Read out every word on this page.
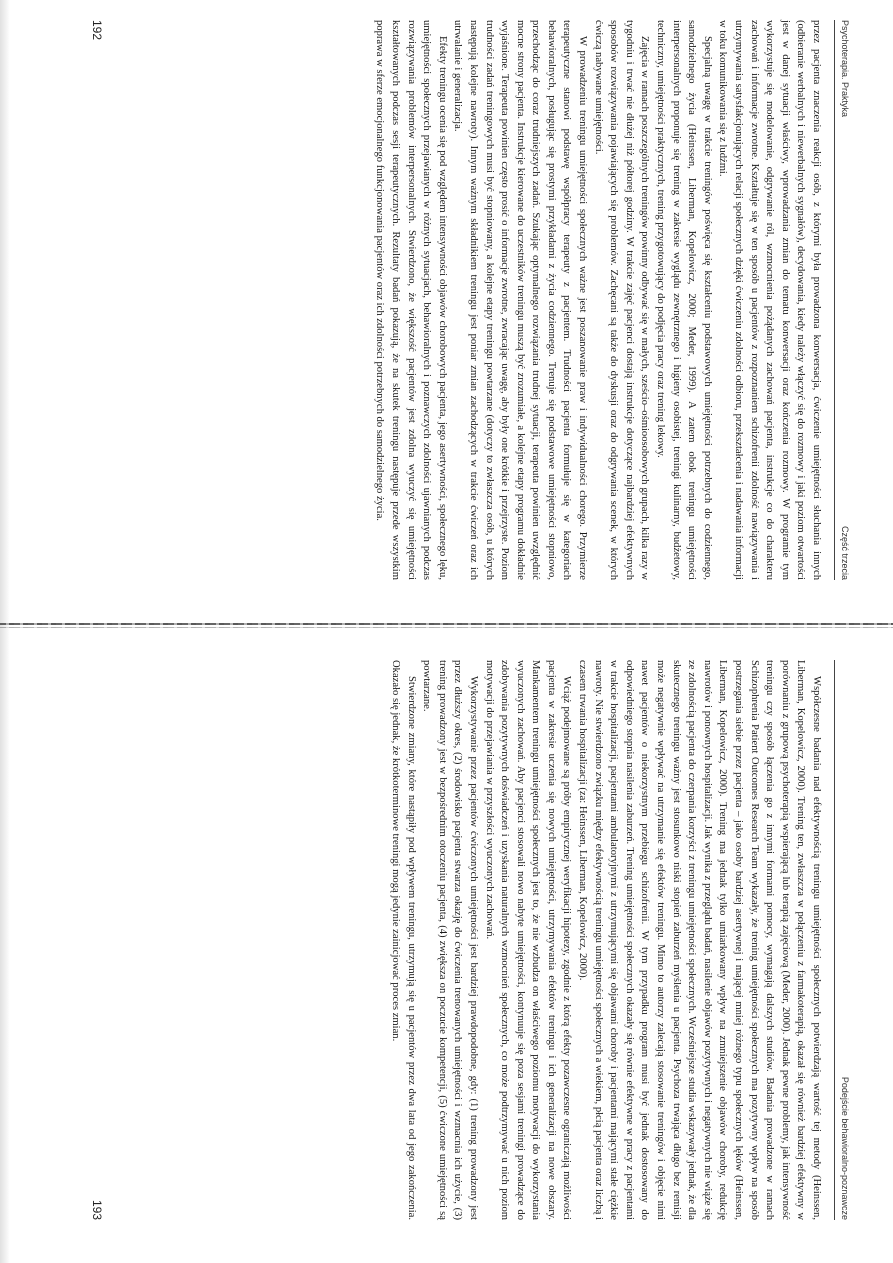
Psychoterapia. Praktyka
Część trzecia

przez pacjenta znaczenia reakcji osób, z którymi była prowadzona konwersacja, ćwiczenie umiejętności słuchania innych (odbieranie werbalnych i niewerbalnych sygnałów), decydowania, kiedy należy włączyć się do rozmowy i jaki poziom otwartości jest w danej sytuacji właściwy, wprowadzania zmian do tematu konwersacji oraz kończenia rozmowy. W programie tym wykorzystuje się modelowanie, odgrywanie ról, wzmocnienia pożądanych zachowań pacjenta, instrukcje co do charakteru zachowań i informacje zwrotne. Kształtuje się w ten sposób u pacjentów z rozpoznaniem schizofrenii zdolność nawiązywania i utrzymywania satysfakcjonujących relacji społecznych dzięki ćwiczeniu zdolności odbioru, przekształcenia i nadawania informacji w toku komunikowania się z ludźmi.

Specjalną uwagę w trakcie treningów poświęca się kształceniu podstawowych umiejętności potrzebnych do codziennego, samodzielnego życia (Heinssen, Liberman, Kopelowicz, 2000; Meder, 1999). A zatem obok treningu umiejętności interpersonalnych proponuje się trening w zakresie wyglądu zewnętrznego i higieny osobistej, treningi kulinarny, budżetowy, techniczny, umiejętności praktycznych, trening przygotowujący do podjęcia pracy oraz trening lekowy.

Zajęcia w ramach poszczególnych treningów powinny odbywać się w małych, sześcio–ośmioosobowych grupach, kilka razy w tygodniu i trwać nie dłużej niż półtorej godziny. W trakcie zajęć pacjenci dostają instrukcje dotyczące najbardziej efektywnych sposobów rozwiązywania pojawiających się problemów. Zachęcani są także do dyskusji oraz do odgrywania scenek, w których ćwiczą nabywane umiejętności.

W prowadzeniu treningu umiejętności społecznych ważne jest poszanowanie praw i indywidualności chorego. Przymierze terapeutyczne stanowi podstawę współpracy terapeuty z pacjentem. Trudności pacjenta formułuje się w kategoriach behawioralnych, posługując się prostymi przykładami z życia codziennego. Trenuje się podstawowe umiejętności stopniowo, przechodząc do coraz trudniejszych zadań. Szukając optymalnego rozwiązania trudnej sytuacji, terapeuta powinien uwzględnić mocne strony pacjenta. Instrukcje kierowane do uczestników treningu muszą być zrozumiałe, a kolejne etapy programu dokładnie wyjaśnione. Terapeuta powinien często prosić o informacje zwrotne, zwracając uwagę, aby były one krótkie i przejrzyste. Poziom trudności zadań treningowych musi być stopniowany, a kolejne etapy treningu powtarzane (dotyczy to zwłaszcza osób, u których następują kolejne nawroty). Innym ważnym składnikiem treningu jest poniar zmian zachodzących w trakcie ćwiczeń oraz ich utrwalanie i generalizacja.

Efekty treningu ocenia się pod względem intensywności objawów chorobowych pacjenta, jego asertywności, społecznego lęku, umiejętności społecznych przejawianych w różnych sytuacjach, behawioralnych i poznawczych zdolności ujawnianych podczas rozwiązywania problemów interpersonalnych. Stwierdzono, że większość pacjentów jest zdolna wyuczyć się umiejętności kształtowanych podczas sesji terapeutycznych. Rezultaty badań pokazują, że na skutek treningu następuje przede wszystkim poprawa w sferze emocjonalnego funkcjonowania pacjentów oraz ich zdolności potrzebnych do samodzielnego życia.

192
Podejście behawioralno-poznawcze

Współczesne badania nad efektywnością treningu umiejętności społecznych potwierdzają wartość tej metody (Heinssen, Liberman, Kopelowicz, 2000). Trening ten, zwłaszcza w połączeniu z farmakoterapią, okazał się również bardziej efektywny w porównaniu z grupową psychoterapią wspierającą lub terapią zajęciową (Meder, 2000). Jednak pewne problemy, jak intensywność treningu czy sposób łączenia go z innymi formami pomocy, wymagają dalszych studiów. Badania prowadzone w ramach Schizophrenia Patient Outcomes Research Team wykazały, że trening umiejętności społecznych ma pozytywny wpływ na sposób postrzegania siebie przez pacjenta – jako osoby bardziej asertywnej i mającej mniej różnego typu społecznych lęków (Heinssen, Liberman, Kopelowicz, 2000). Trening ma jednak tylko umiarkowany wpływ na zmniejszenie objawów choroby, redukcję nawrotów i ponownych hospitalizacji. Jak wynika z przeglądu badań, nasilenie objawów pozytywnych i negatywnych nie wiąże się ze zdolnością pacjenta do czerpania korzyści z treningu umiejętności społecznych. Wcześniejsze studia wskazywały jednak, że dla skutecznego treningu ważny jest stosunkowo niski stopień zaburzeń myślenia u pacjenta. Psychoza trwająca długo bez remisji może negatywnie wpływać na utrzymanie się efektów treningu. Mimo to autorzy zalecają stosowanie treningów i objęcie nimi nawet pacjentów o niekorzystnym przebiegu schizofrenii. W tym przypadku program musi być jednak dostosowany do odpowiedniego stopnia nasilenia zaburzeń. Trening umiejętności społecznych okazały się równie efektywne w pracy z pacjentami w trakcie hospitalizacji, pacjentami ambulatoryjnymi z utrzymującymi się objawami choroby i pacjentami mającymi stałe ciężkie nawroty. Nie stwierdzono związku między efektywnością treningu umiejętności społecznych a wiekiem, płcią pacjenta oraz liczbą i czasem trwania hospitalizacji (za: Heinssen, Liberman, Kopelowicz, 2000).

Wciąż podejmowane są próby empirycznej weryfikacji hipotezy, zgodnie z którą efekty pozawczesne ograniczają możliwości pacjenta w zakresie uczenia się nowych umiejętności, utrzymywania efektów treningu i ich generalizacji na nowe obszary. Mankamentem treningu umiejętności społecznych jest to, że nie wzbudza on właściwego poziomu motywacji do wykorzystania wyuczonych zachowań. Aby pacjenci stosowali nowo nabyte umiejętności, kontynuuje się poza sesjami treningi prowadzące do zdobywania pozytywnych doświadczeń i uzyskania naturalnych wzmocnień społecznych, co może podtrzymywać u nich poziom motywacji do przejawiania w przyszłości wyuczonych zachowań.

Wykorzystywanie przez pacjentów ćwiczonych umiejętności jest bardziej prawdopodobne, gdy: (1) trening prowadzony jest przez dłuższy okres, (2) środowisko pacjenta stwarza okazję do ćwiczenia trenowanych umiejętności i wzmacnia ich użycie, (3) trening prowadzony jest w bezpośrednim otoczeniu pacjenta, (4) zwiększa on poczucie kompetencji, (5) ćwiczone umiejętności są powtarzane.

Stwierdzone zmiany, które nastąpiły pod wpływem treningu, utrzymują się u pacjentów przez dwa lata od jego zakończenia. Okazało się jednak, że krótkoterminowe treningi mogą jedynie zainicjować proces zmian.

193
